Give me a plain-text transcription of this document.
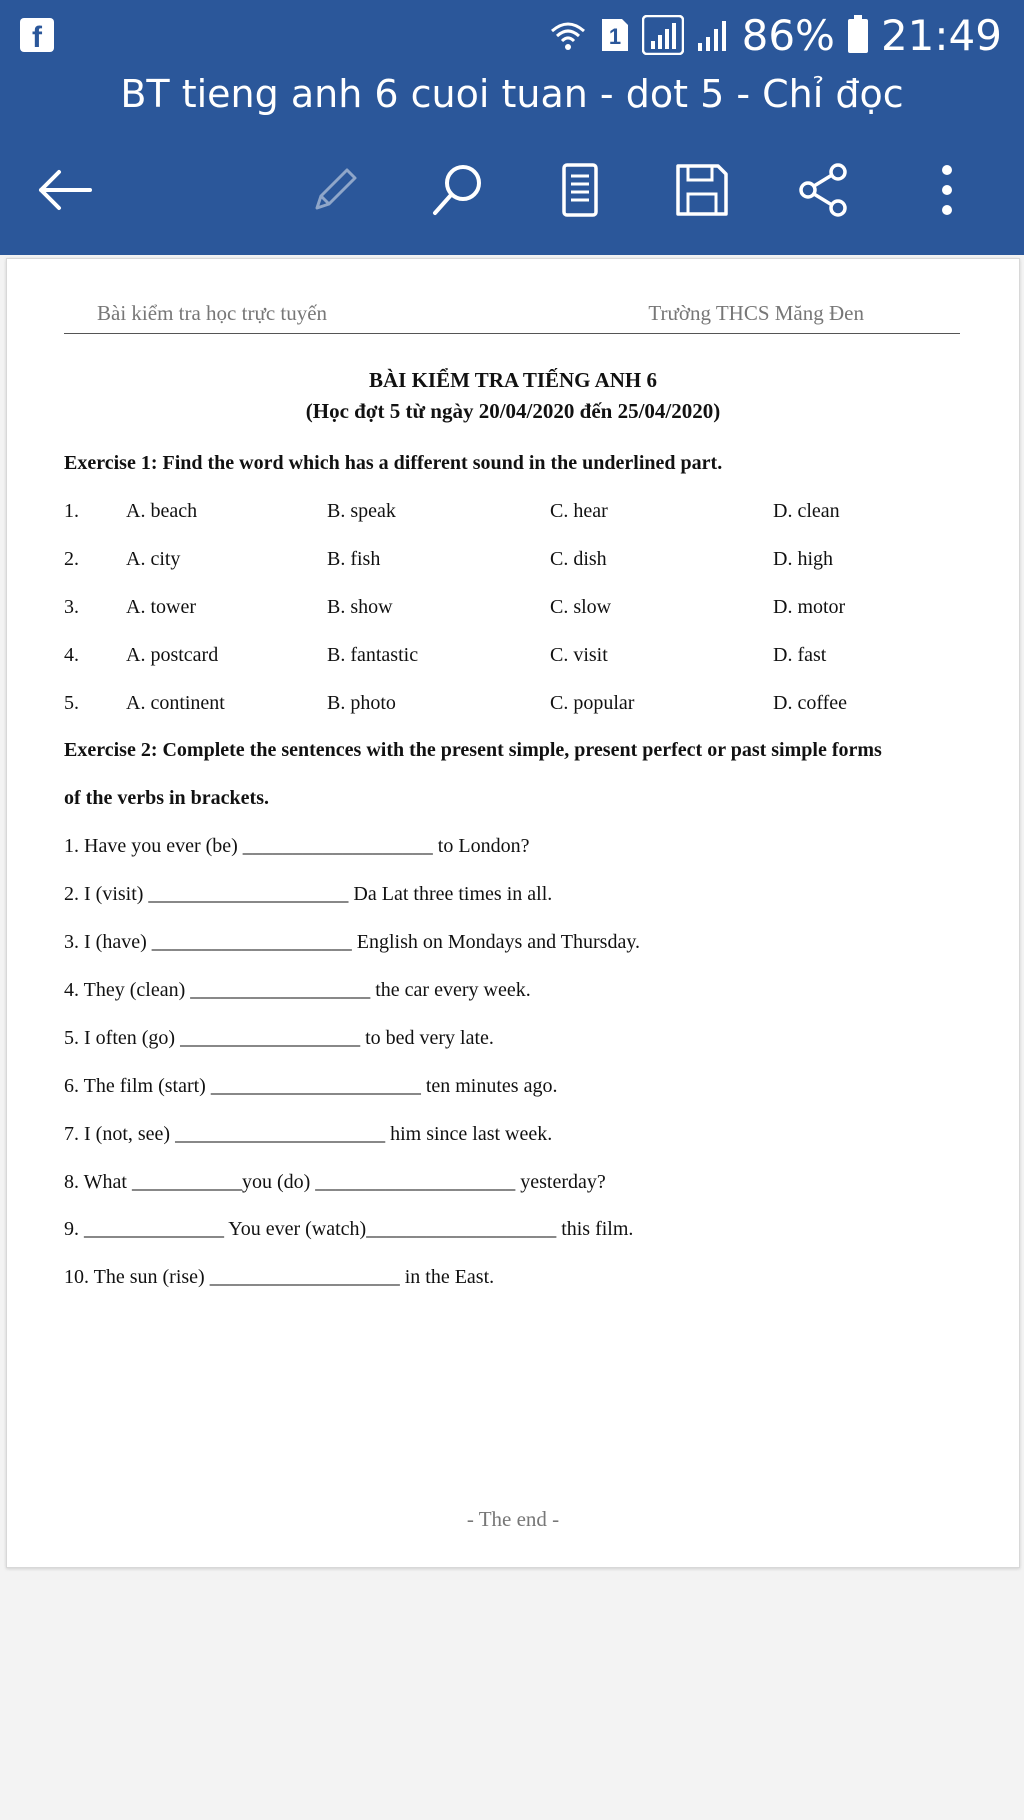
f	1	86% 21:49
BT tieng anh 6 cuoi tuan - dot 5 - Chỉ đọc
Bài kiểm tra học trực tuyến	Trường THCS Măng Đen
BÀI KIỂM TRA TIẾNG ANH 6
(Học đợt 5 từ ngày 20/04/2020 đến 25/04/2020)
Exercise 1: Find the word which has a different sound in the underlined part.
1. A. beach	B. speak	C. hear	D. clean
2. A. city	B. fish	C. dish	D. high
3. A. tower	B. show	C. slow	D. motor
4. A. postcard	B. fantastic	C. visit	D. fast
5. A. continent	B. photo	C. popular	D. coffee
Exercise 2: Complete the sentences with the present simple, present perfect or past simple forms
of the verbs in brackets.
1. Have you ever (be) ___________________ to London?
2. I (visit) ____________________ Da Lat three times in all.
3. I (have) ____________________ English on Mondays and Thursday.
4. They (clean) __________________ the car every week.
5. I often (go) __________________ to bed very late.
6. The film (start) _____________________ ten minutes ago.
7. I (not, see) _____________________ him since last week.
8. What ___________you (do) ____________________ yesterday?
9. ______________ You ever (watch)___________________ this film.
10. The sun (rise) ___________________ in the East.
- The end -
